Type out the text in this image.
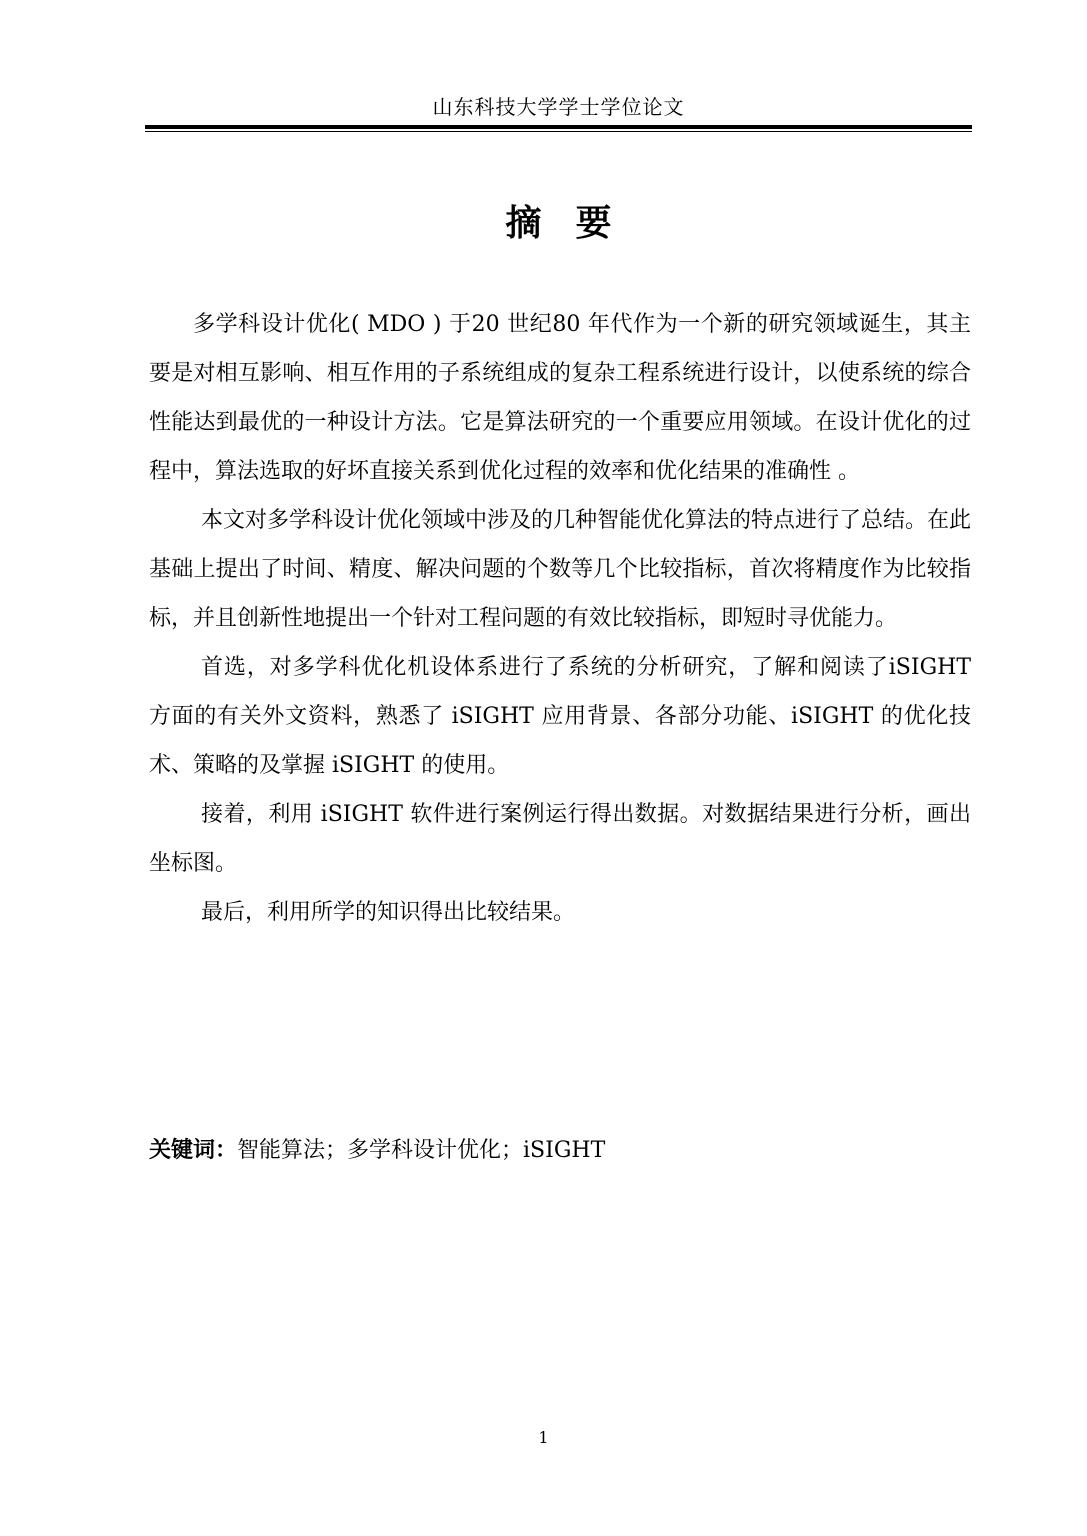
山东科技大学学士学位论文
摘要

多学科设计优化( MDO ) 于20 世纪80 年代作为一个新的研究领域诞生，其主要是对相互影响、相互作用的子系统组成的复杂工程系统进行设计，以使系统的综合性能达到最优的一种设计方法。它是算法研究的一个重要应用领域。在设计优化的过程中，算法选取的好坏直接关系到优化过程的效率和优化结果的准确性 。

本文对多学科设计优化领域中涉及的几种智能优化算法的特点进行了总结。在此基础上提出了时间、精度、解决问题的个数等几个比较指标，首次将精度作为比较指标，并且创新性地提出一个针对工程问题的有效比较指标，即短时寻优能力。

首选，对多学科优化机设体系进行了系统的分析研究，了解和阅读了iSIGHT 方面的有关外文资料，熟悉了 iSIGHT 应用背景、各部分功能、iSIGHT 的优化技术、策略的及掌握 iSIGHT 的使用。

接着，利用 iSIGHT 软件进行案例运行得出数据。对数据结果进行分析，画出坐标图。

最后，利用所学的知识得出比较结果。

关键词：智能算法；多学科设计优化；iSIGHT
1
